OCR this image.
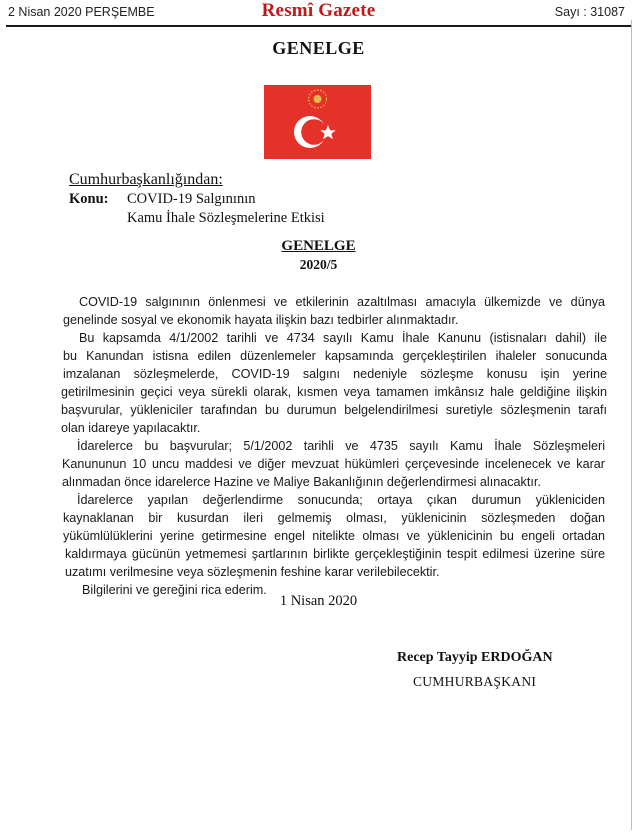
2 Nisan 2020 PERŞEMBE	Resmî Gazete	Sayı : 31087
GENELGE
Cumhurbaşkanlığından:
Konu: COVID-19 Salgınının
Kamu İhale Sözleşmelerine Etkisi
GENELGE
2020/5
COVID-19 salgınının önlenmesi ve etkilerinin azaltılması amacıyla ülkemizde ve dünya
genelinde sosyal ve ekonomik hayata ilişkin bazı tedbirler alınmaktadır.
Bu kapsamda 4/1/2002 tarihli ve 4734 sayılı Kamu İhale Kanunu (istisnaları dahil) ile
bu Kanundan istisna edilen düzenlemeler kapsamında gerçekleştirilen ihaleler sonucunda
imzalanan sözleşmelerde, COVID-19 salgını nedeniyle sözleşme konusu işin yerine
getirilmesinin geçici veya sürekli olarak, kısmen veya tamamen imkânsız hale geldiğine ilişkin
başvurular, yükleniciler tarafından bu durumun belgelendirilmesi suretiyle sözleşmenin tarafı
olan idareye yapılacaktır.
İdarelerce bu başvurular; 5/1/2002 tarihli ve 4735 sayılı Kamu İhale Sözleşmeleri
Kanununun 10 uncu maddesi ve diğer mevzuat hükümleri çerçevesinde incelenecek ve karar
alınmadan önce idarelerce Hazine ve Maliye Bakanlığının değerlendirmesi alınacaktır.
İdarelerce yapılan değerlendirme sonucunda; ortaya çıkan durumun yükleniciden
kaynaklanan bir kusurdan ileri gelmemiş olması, yüklenicinin sözleşmeden doğan
yükümlülüklerini yerine getirmesine engel nitelikte olması ve yüklenicinin bu engeli ortadan
kaldırmaya gücünün yetmemesi şartlarının birlikte gerçekleştiğinin tespit edilmesi üzerine süre
uzatımı verilmesine veya sözleşmenin feshine karar verilebilecektir.
Bilgilerini ve gereğini rica ederim.
1 Nisan 2020
Recep Tayyip ERDOĞAN
CUMHURBAŞKANI
